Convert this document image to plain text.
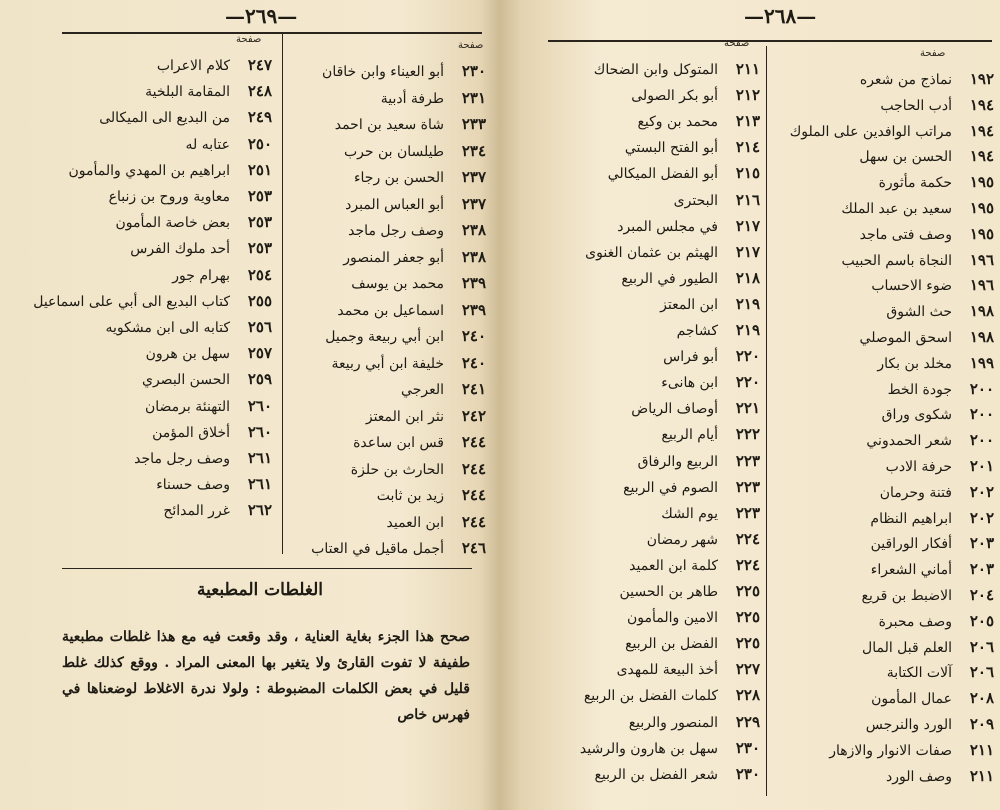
—٢٦٩—
صفحة
صفحة
٢٤٧كلام الاعراب
٢٤٨المقامة البلخية
٢٤٩من البديع الى الميكالى
٢٥٠عتابه له
٢٥١ابراهيم بن المهدي والمأمون
٢٥٣معاوية وروح بن زنباع
٢٥٣بعض خاصة المأمون
٢٥٣أحد ملوك الفرس
٢٥٤بهرام جور
٢٥٥كتاب البديع الى أبي على اسماعيل
٢٥٦كتابه الى ابن مشكويه
٢٥٧سهل بن هرون
٢٥٩الحسن البصري
٢٦٠التهنئة برمضان
٢٦٠أخلاق المؤمن
٢٦١وصف رجل ماجد
٢٦١وصف حسناء
٢٦٢غرر المدائح
٢٣٠أبو العيناء وابن خاقان
٢٣١طرفة أدبية
٢٣٣شاة سعيد بن احمد
٢٣٤طيلسان بن حرب
٢٣٧الحسن بن رجاء
٢٣٧أبو العباس المبرد
٢٣٨وصف رجل ماجد
٢٣٨أبو جعفر المنصور
٢٣٩محمد بن يوسف
٢٣٩اسماعيل بن محمد
٢٤٠ابن أبي ربيعة وجميل
٢٤٠خليفة ابن أبي ربيعة
٢٤١العرجي
٢٤٢نثر ابن المعتز
٢٤٤قس ابن ساعدة
٢٤٤الحارث بن حلزة
٢٤٤زيد بن ثابت
٢٤٤ابن العميد
٢٤٦أجمل ماقيل في العتاب
الغلطات المطبعية
صحح هذا الجزء بغاية العناية ، وقد وقعت فيه مع هذا غلطات مطبعية طفيفة لا تفوت القارئ ولا يتغير بها المعنى المراد . ووقع كذلك غلط قليل في بعض الكلمات المضبوطة : ولولا ندرة الاغلاط لوضعناها في فهرس خاص
—٢٦٨—
صفحة
صفحة
٢١١المتوكل وابن الضحاك
٢١٢أبو بكر الصولى
٢١٣محمد بن وكيع
٢١٤أبو الفتح البستي
٢١٥أبو الفضل الميكالي
٢١٦البحترى
٢١٧في مجلس المبرد
٢١٧الهيثم بن عثمان الغنوى
٢١٨الطيور في الربيع
٢١٩ابن المعتز
٢١٩كشاجم
٢٢٠أبو فراس
٢٢٠ابن هانىء
٢٢١أوصاف الرياض
٢٢٢أيام الربيع
٢٢٣الربيع والرفاق
٢٢٣الصوم في الربيع
٢٢٣يوم الشك
٢٢٤شهر رمضان
٢٢٤كلمة ابن العميد
٢٢٥طاهر بن الحسين
٢٢٥الامين والمأمون
٢٢٥الفضل بن الربيع
٢٢٧أخذ البيعة للمهدى
٢٢٨كلمات الفضل بن الربيع
٢٢٩المنصور والربيع
٢٣٠سهل بن هارون والرشيد
٢٣٠شعر الفضل بن الربيع
١٩٢نماذج من شعره
١٩٤أدب الحاجب
١٩٤مراتب الوافدين على الملوك
١٩٤الحسن بن سهل
١٩٥حكمة مأثورة
١٩٥سعيد بن عبد الملك
١٩٥وصف فتى ماجد
١٩٦النجاة باسم الحبيب
١٩٦ضوء الاحساب
١٩٨حث الشوق
١٩٨اسحق الموصلي
١٩٩مخلد بن بكار
٢٠٠جودة الخط
٢٠٠شكوى وراق
٢٠٠شعر الحمدوني
٢٠١حرفة الادب
٢٠٢فتنة وحرمان
٢٠٢ابراهيم النظام
٢٠٣أفكار الوراقين
٢٠٣أماني الشعراء
٢٠٤الاضبط بن قريع
٢٠٥وصف محبرة
٢٠٦العلم قبل المال
٢٠٦آلات الكتابة
٢٠٨عمال المأمون
٢٠٩الورد والنرجس
٢١١صفات الانوار والازهار
٢١١وصف الورد
